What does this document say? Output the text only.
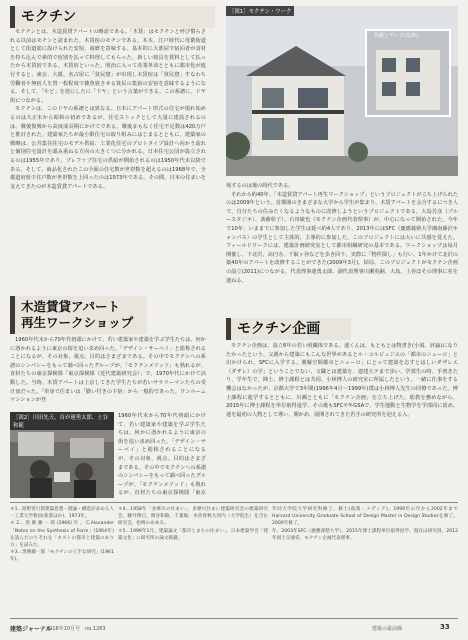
モクチン

モクチンとは、木造賃貸アパートの略語である。「木賃」はモクチンと呼び慣らされる以前はモチンと読まれた。木賃宿のモチンである。木木、江戸時代に母衛街道として街道筋に設けられた安宿、商磨を意味する。基本的に大部屋で宿泊者が食材を持ち込んで素的で宿別を払って料理してもらった。新しい寝具を賃料として払ったから木賃宿である。木賃宿といった。明治に入って産業革命とともに都市化が進行すると、東京、大阪、名古屋に「貧民窟」が出現し木賃宿は「貧民窟」すなわち労働者や無宿人を置一枚程度で雑魚寝させる貧民の集宿の安宿を意味するようになる。そして、「やど」を逆にしたに「ドヤ」という言葉ができる。この系譜に、ドヤ街につながる。

モクチンは、このドヤの系譜とは異なる。日本にアパート形式の住宅が現れ始めるのは大正末から昭和の初めであるが、住宅ストックとして大量に建設されるのは、戦後復興から高度成長期にかけてである。戦後まもなく住宅不足数は420万戸と推計された。建築家たちが最小限住宅の取り組みにはじまるとともに、建築家の戦略は、公共集住住宅のモデル供給、工業化住宅のプロトタイプ設計へ向かう流れと個別住宅設計を頭み重ねる方向の大きくつに分かれる。日本住宅公団が設立されるのは1955年であり、プレファブ住宅の供給が開始されるのは1950年代末以降である。そして、商品化されたこの全面の住宅数が世帯数を超えるのは1968年で、全都道府県で住戸数が世帯数を上回ったのは1973年である。その間、日本の住まいを支えてきたのが木造賃貸アパートである。

木造賃貸アパート
再生ワークショップ

1960年代末から70年代初頭にかけて、若い建築家や建築を学ぶ学生たちは、何かに憑かれるように東京の街を追い求め回った。「デザイン・サーベイ」と総称されることになるが、その対象、視点、目的はさまざまである。その中でモクチンへの系譜のシンパシーをもって調べ回ったグループが、「モクチンメソッド」も熟れるが、直材たちの東京探検隊「東京探検隊（近代建築研究会）」で、1970年代にかけて活動した。当時、木賃アパートは上京してきた学生たちが若いサラリーマンたちの受け皿だった。「単身で住まいは「勤い付きの下宿」から一般的であった。ワンルームマンションが登

1960年代末から70年代初頭にかけて、若い建築家や建築を学ぶ学生たちは、何かに憑かれるように東京の街を追い求め回った。「デザイン・サーベイ」と総称されることになるが、その対象、視点、目的はさまざまである。その中でモクチンへの系譜のシンパシーをもって調べ回ったグループが、「モクチンメソッド」も熟れるが、直材たちの東京探検隊「東京

［図2］川田先天、首が連勇太郎、土谷和範

＊1…原野善行郎建築思想・理論・構造が求める人一工業大学教員(新書ほか)、1973年。

＊2…黒衛藤一郎(1966)年、C.Alexander「Notes on the Synthesis of Form」(1964年)を読んだのちそれを「ネストの都市と建築のあり方」を試みた。

＊3…黒衛藤一郎「モクチンの上手な研究」(1961年)。

＊4…1958年「多摩川の住まい」、多摩川住まい建築研究会の建築研究会、藤井博巳、関谷和敏、千葉敏、木曽春秋大河内（大学院生）を含む研究会、松崎のあゆみ。

＊5…1999年1月、建築論文「都市とまちの住まい」、日本建築学会「建築文化」に研究所の論文掲載。

年同大学院大学研究科修了、修士(政策・メディア)。1999年の年から2002年までHarvard University Graduate School of Design Master in Design Studiesを修了。2000年修了。

年、2003年SFC（慶應義塾大学）。2015年博士課程単位取得退学。現在は研究員。2012年国土交通省。モクチン企画代表理事。

［図1］モクチン・ワーク
外観とデータ(改修)

場するのは後の時代である。

それから約40年、「木造賃貸アパート再生ワークショップ」というプロジェクトが立ち上げられたのは2009年という。首都圏のきまざまな大学から学生が集まり、木賃アパートを会合するにつき人で、自分たちの住みたくなるようなものに改修しようというプロジェクトである。大島芳彦（ブルースタジオ）、斎藤彰子）、石田敏也（モクチン企画代表理事）が、中心になって開始された。今年で10年、いままでに参加した学生は延べ約4人であり、2013年にはSFC（慶應義塾大学湘南藤沢キャンパス）の学生として主体的、主導的に参加した。このプロジェクトには大いに共感を覚えた。フィールドワークには、建築計画研究室として都市組織研究の基本である。ワークショップは毎月開催し、下北沢、高円寺、千駄ヶ谷などを歩き回り、実際に「物件探し」も行い、1年かけて北沢の築40年のアパートを改修することができた(2009年3月)。結局、このプロジェクトがモクチン企画の設立(2011)につながる。代表理事連勇太郎、副代表理事川瀬英嗣、大島、土谷ほその理事に名を連ねる。

モクチン企画

モクチン企画は、設立6年の若い組織体である。連くんは、もともとは物書き(小説、評論)になりたかったという。父親から建築にもこんな世界があるとル・コルビュジエの「都市のニューロ」と出かけられ、SFCに入学する。翼解空間都市とニューロ」にとって建築を志すとはしいダザレエ（ダザレ）の学」ということでない、文職とは建築を、連建大テまで歩い、学部生の時、手書きたり、学年生で、陣土、修士課程とは共同、小林博人の研究室に所属したという。一緒に仕事をする機会はなかったが、京都大学で3年間(1996年4月～1999年)僕は小林博人先生の同僚であった。博士課程に進学するとともに、川瀬とともに「モクチン企画」を立ち上げた。助教を務めながら、2015年に博士課程を単位取得退学、その後もSFCやY-GSAで、学生運動と生物学を学部同に留め、連を最初の人物として導い、開かめ、展開されてきた若手の研究所を迎える入、

建築ジャーナル
2018年10月号　no.1283	建築の最前線	33
